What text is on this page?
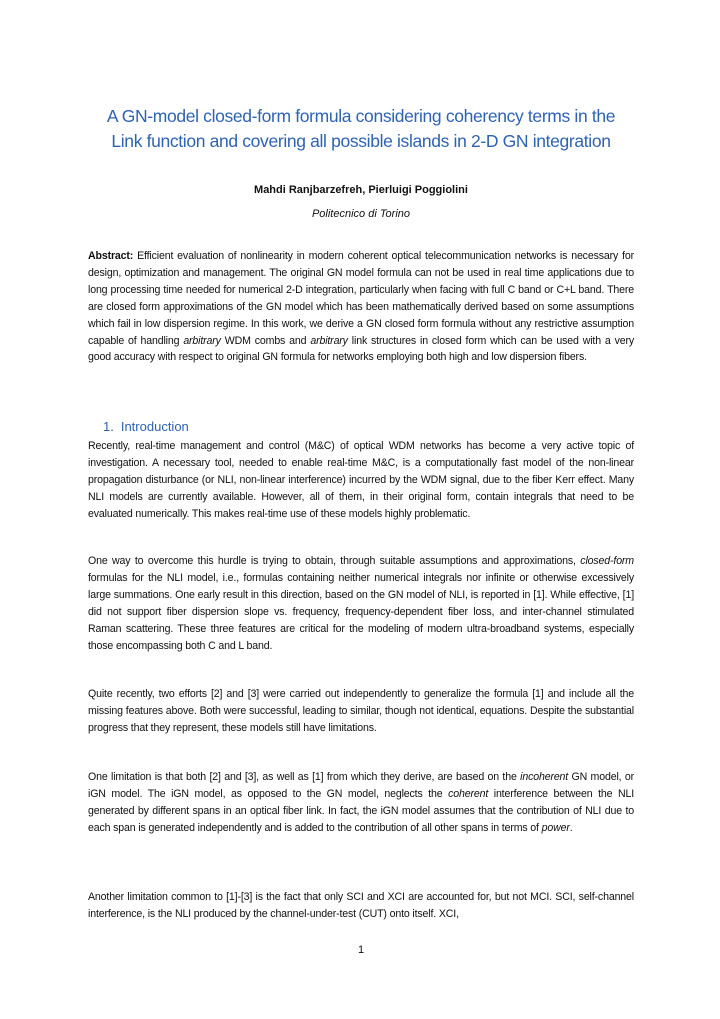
A GN-model closed-form formula considering coherency terms in the
Link function and covering all possible islands in 2-D GN integration
Mahdi Ranjbarzefreh, Pierluigi Poggiolini
Politecnico di Torino
Abstract: Efficient evaluation of nonlinearity in modern coherent optical telecommunication networks is necessary for design, optimization and management. The original GN model formula can not be used in real time applications due to long processing time needed for numerical 2-D integration, particularly when facing with full C band or C+L band. There are closed form approximations of the GN model which has been mathematically derived based on some assumptions which fail in low dispersion regime. In this work, we derive a GN closed form formula without any restrictive assumption capable of handling arbitrary WDM combs and arbitrary link structures in closed form which can be used with a very good accuracy with respect to original GN formula for networks employing both high and low dispersion fibers.
1. Introduction
Recently, real-time management and control (M&C) of optical WDM networks has become a very active topic of investigation. A necessary tool, needed to enable real-time M&C, is a computationally fast model of the non-linear propagation disturbance (or NLI, non-linear interference) incurred by the WDM signal, due to the fiber Kerr effect. Many NLI models are currently available. However, all of them, in their original form, contain integrals that need to be evaluated numerically. This makes real-time use of these models highly problematic.
One way to overcome this hurdle is trying to obtain, through suitable assumptions and approximations, closed-form formulas for the NLI model, i.e., formulas containing neither numerical integrals nor infinite or otherwise excessively large summations. One early result in this direction, based on the GN model of NLI, is reported in [1]. While effective, [1] did not support fiber dispersion slope vs. frequency, frequency-dependent fiber loss, and inter-channel stimulated Raman scattering. These three features are critical for the modeling of modern ultra-broadband systems, especially those encompassing both C and L band.
Quite recently, two efforts [2] and [3] were carried out independently to generalize the formula [1] and include all the missing features above. Both were successful, leading to similar, though not identical, equations. Despite the substantial progress that they represent, these models still have limitations.
One limitation is that both [2] and [3], as well as [1] from which they derive, are based on the incoherent GN model, or iGN model. The iGN model, as opposed to the GN model, neglects the coherent interference between the NLI generated by different spans in an optical fiber link. In fact, the iGN model assumes that the contribution of NLI due to each span is generated independently and is added to the contribution of all other spans in terms of power.
Another limitation common to [1]-[3] is the fact that only SCI and XCI are accounted for, but not MCI. SCI, self-channel interference, is the NLI produced by the channel-under-test (CUT) onto itself. XCI,
1
